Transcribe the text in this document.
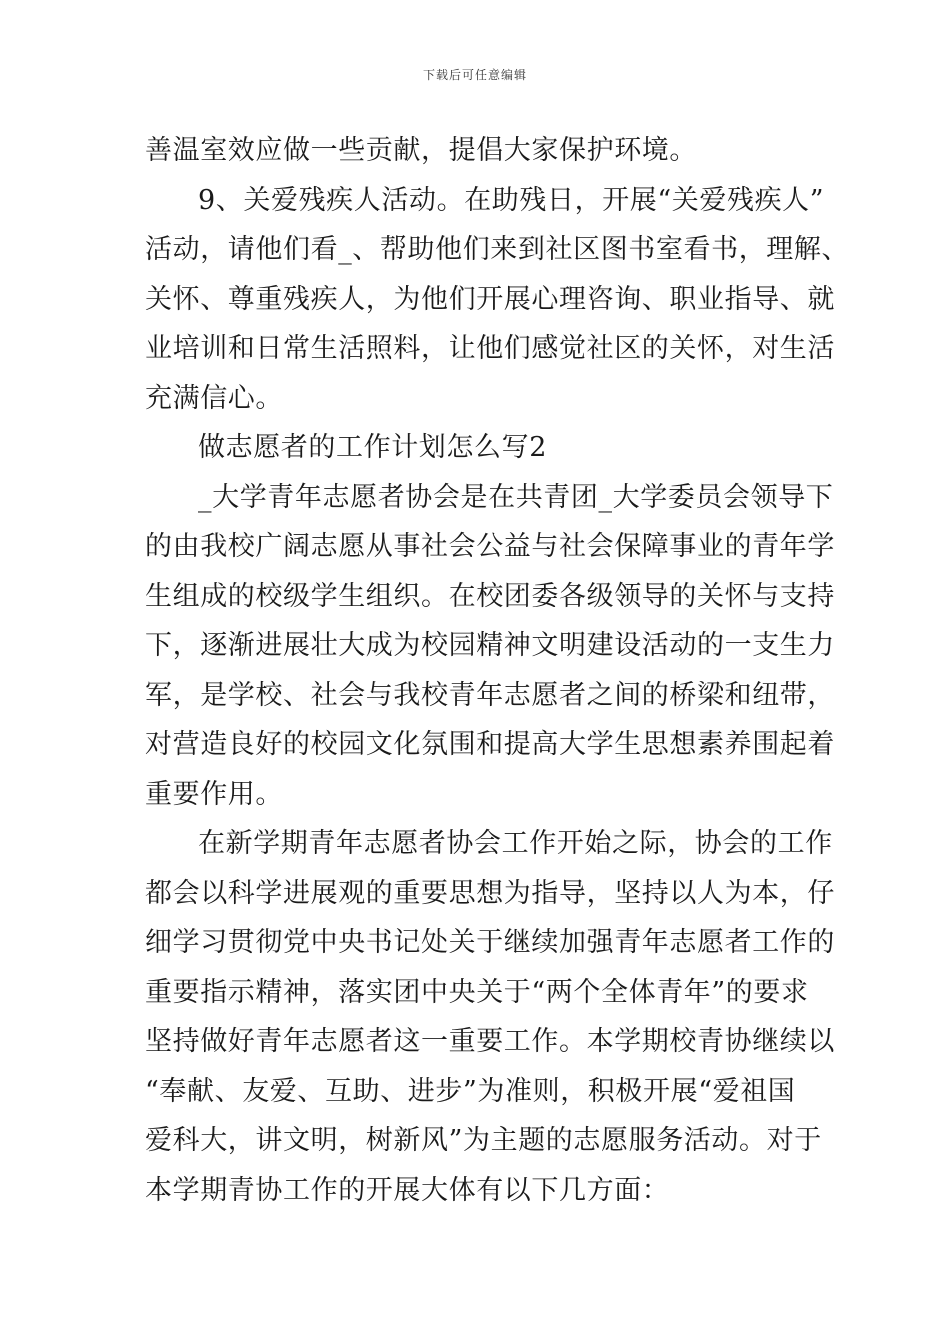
下载后可任意编辑
善温室效应做一些贡献，提倡大家保护环境。
9、关爱残疾人活动。在助残日，开展“关爱残疾人”
活动，请他们看_、帮助他们来到社区图书室看书，理解、
关怀、尊重残疾人，为他们开展心理咨询、职业指导、就
业培训和日常生活照料，让他们感觉社区的关怀，对生活
充满信心。
做志愿者的工作计划怎么写2
_大学青年志愿者协会是在共青团_大学委员会领导下
的由我校广阔志愿从事社会公益与社会保障事业的青年学
生组成的校级学生组织。在校团委各级领导的关怀与支持
下，逐渐进展壮大成为校园精神文明建设活动的一支生力
军，是学校、社会与我校青年志愿者之间的桥梁和纽带，
对营造良好的校园文化氛围和提高大学生思想素养围起着
重要作用。
在新学期青年志愿者协会工作开始之际，协会的工作
都会以科学进展观的重要思想为指导，坚持以人为本，仔
细学习贯彻党中央书记处关于继续加强青年志愿者工作的
重要指示精神，落实团中央关于“两个全体青年”的要求
坚持做好青年志愿者这一重要工作。本学期校青协继续以
“奉献、友爱、互助、进步”为准则，积极开展“爱祖国
爱科大，讲文明，树新风”为主题的志愿服务活动。对于
本学期青协工作的开展大体有以下几方面：
